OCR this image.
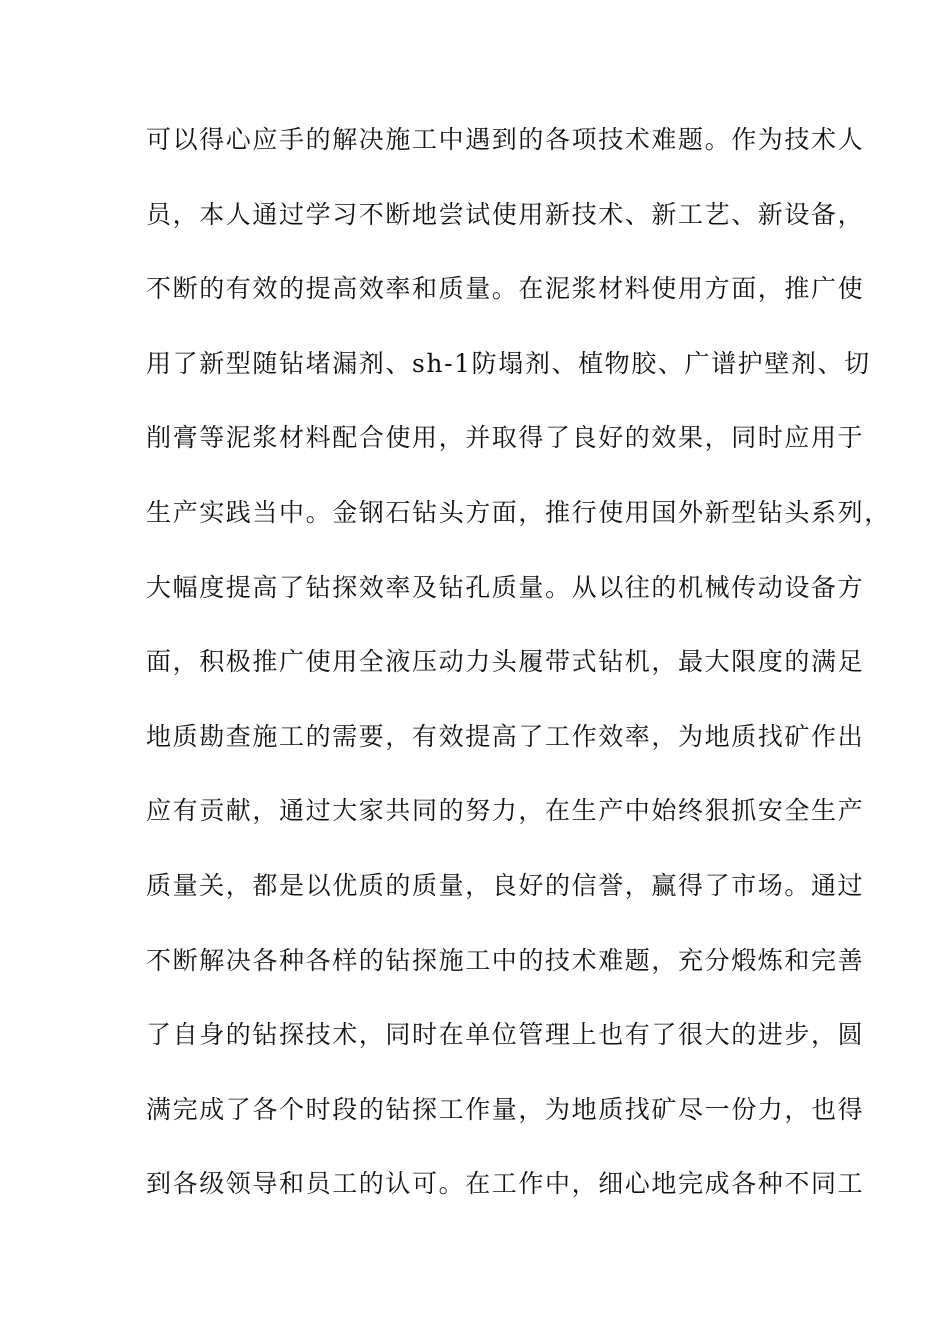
可以得心应手的解决施工中遇到的各项技术难题。作为技术人
员，本人通过学习不断地尝试使用新技术、新工艺、新设备，
不断的有效的提高效率和质量。在泥浆材料使用方面，推广使
用了新型随钻堵漏剂、sh-1防塌剂、植物胶、广谱护壁剂、切
削膏等泥浆材料配合使用，并取得了良好的效果，同时应用于
生产实践当中。金钢石钻头方面，推行使用国外新型钻头系列，
大幅度提高了钻探效率及钻孔质量。从以往的机械传动设备方
面，积极推广使用全液压动力头履带式钻机，最大限度的满足
地质勘查施工的需要，有效提高了工作效率，为地质找矿作出
应有贡献，通过大家共同的努力，在生产中始终狠抓安全生产
质量关，都是以优质的质量，良好的信誉，赢得了市场。通过
不断解决各种各样的钻探施工中的技术难题，充分煅炼和完善
了自身的钻探技术，同时在单位管理上也有了很大的进步，圆
满完成了各个时段的钻探工作量，为地质找矿尽一份力，也得
到各级领导和员工的认可。在工作中，细心地完成各种不同工
